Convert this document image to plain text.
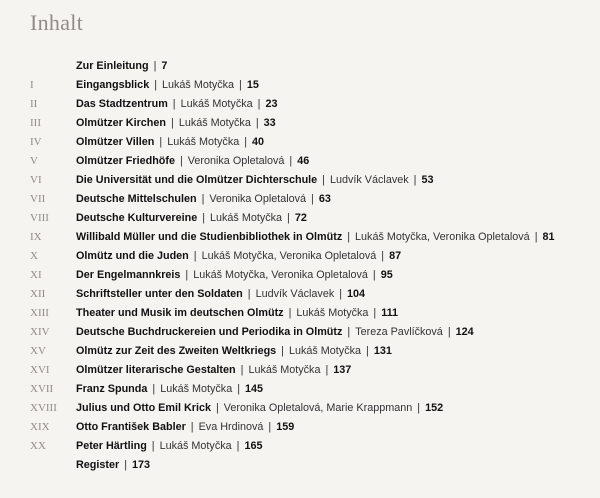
Inhalt
Zur Einleitung | 7
I	Eingangsblick | Lukáš Motyčka | 15
II	Das Stadtzentrum | Lukáš Motyčka | 23
III	Olmützer Kirchen | Lukáš Motyčka | 33
IV	Olmützer Villen | Lukáš Motyčka | 40
V	Olmützer Friedhöfe | Veronika Opletalová | 46
VI	Die Universität und die Olmützer Dichterschule | Ludvík Václavek | 53
VII	Deutsche Mittelschulen | Veronika Opletalová | 63
VIII	Deutsche Kulturvereine | Lukáš Motyčka | 72
IX	Willibald Müller und die Studienbibliothek in Olmütz | Lukáš Motyčka, Veronika Opletalová | 81
X	Olmütz und die Juden | Lukáš Motyčka, Veronika Opletalová | 87
XI	Der Engelmannkreis | Lukáš Motyčka, Veronika Opletalová | 95
XII	Schriftsteller unter den Soldaten | Ludvík Václavek | 104
XIII	Theater und Musik im deutschen Olmütz | Lukáš Motyčka | 111
XIV Deutsche Buchdruckereien und Periodika in Olmütz | Tereza Pavlíčková | 124
XV	Olmütz zur Zeit des Zweiten Weltkriegs | Lukáš Motyčka | 131
XVI Olmützer literarische Gestalten | Lukáš Motyčka | 137
XVII Franz Spunda | Lukáš Motyčka | 145
XVIII Julius und Otto Emil Krick | Veronika Opletalová, Marie Krappmann | 152
XIX Otto František Babler | Eva Hrdinová | 159
XX	Peter Härtling | Lukáš Motyčka | 165
Register | 173
